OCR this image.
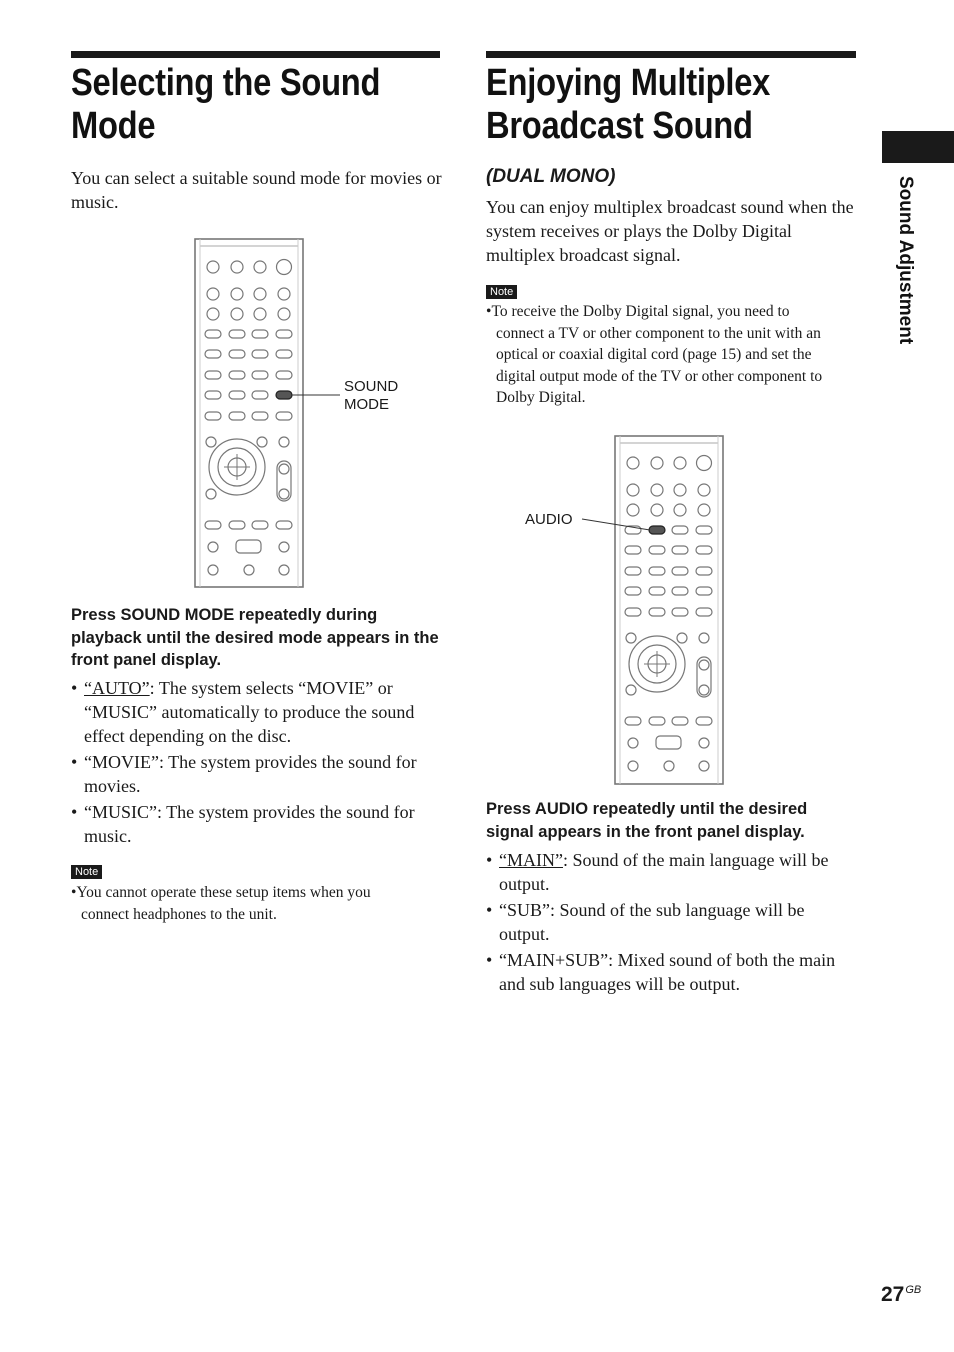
Selecting the Sound
Mode

You can select a suitable sound mode for movies or music.

SOUND
MODE

Press SOUND MODE repeatedly during playback until the desired mode appears in the front panel display.

• “AUTO”: The system selects “MOVIE” or “MUSIC” automatically to produce the sound effect depending on the disc.
• “MOVIE”: The system provides the sound for movies.
• “MUSIC”: The system provides the sound for music.
Note

• You cannot operate these setup items when you
connect headphones to the unit.

Enjoying Multiplex
Broadcast Sound
(DUAL MONO)

You can enjoy multiplex broadcast sound when the system receives or plays the Dolby Digital multiplex broadcast signal.

Note

• To receive the Dolby Digital signal, you need to
connect a TV or other component to the unit with an
optical or coaxial digital cord (page 15) and set the
digital output mode of the TV or other component to
Dolby Digital.

AUDIO

Press AUDIO repeatedly until the desired signal appears in the front panel display.

• “MAIN”: Sound of the main language will be output.
• “SUB”: Sound of the sub language will be output.
• “MAIN+SUB”: Mixed sound of both the main and sub languages will be output.
Sound Adjustment
$27^{GB}$
